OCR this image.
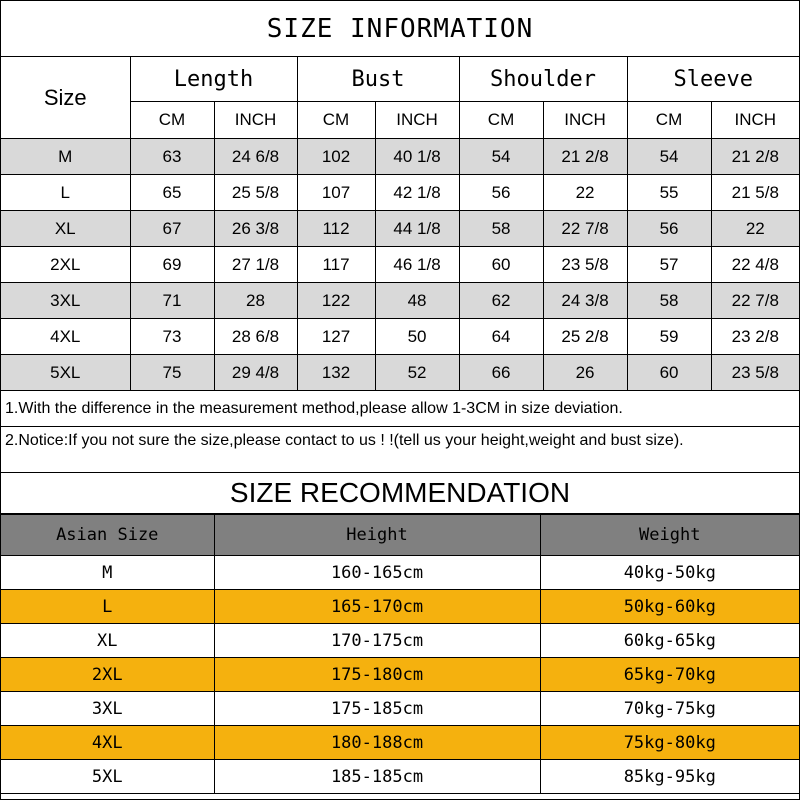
SIZE INFORMATION
Size	Length		Bust		Shoulder		Sleeve	
	CM	INCH	CM	INCH	CM	INCH	CM	INCH
M	63	24 6/8	102	40 1/8	54	21 2/8	54	21 2/8
L	65	25 5/8	107	42 1/8	56	22	55	21 5/8
XL	67	26 3/8	112	44 1/8	58	22 7/8	56	22
2XL	69	27 1/8	117	46 1/8	60	23 5/8	57	22 4/8
3XL	71	28	122	48	62	24 3/8	58	22 7/8
4XL	73	28 6/8	127	50	64	25 2/8	59	23 2/8
5XL	75	29 4/8	132	52	66	26	60	23 5/8
1.With the difference in the measurement method,please allow 1-3CM in size deviation.
2.Notice:If you not sure the size,please contact to us ! !(tell us your height,weight and bust size).
SIZE RECOMMENDATION
Asian Size	Height	Weight
M	160-165cm	40kg-50kg
L	165-170cm	50kg-60kg
XL	170-175cm	60kg-65kg
2XL	175-180cm	65kg-70kg
3XL	175-185cm	70kg-75kg
4XL	180-188cm	75kg-80kg
5XL	185-185cm	85kg-95kg
